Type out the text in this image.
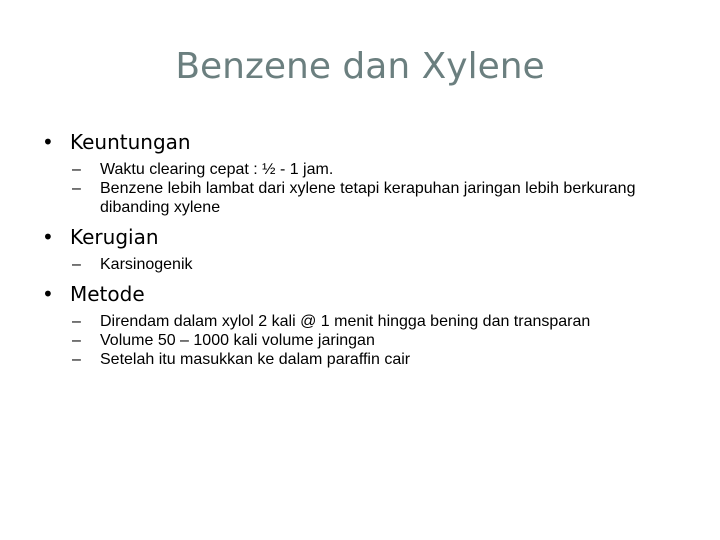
Benzene dan Xylene
• Keuntungan
– Waktu clearing cepat : ½ - 1 jam.
– Benzene lebih lambat dari xylene tetapi kerapuhan jaringan lebih berkurang dibanding xylene
• Kerugian
– Karsinogenik
• Metode
– Direndam dalam xylol 2 kali @ 1 menit hingga bening dan transparan
– Volume 50 – 1000 kali volume jaringan
– Setelah itu masukkan ke dalam paraffin cair
